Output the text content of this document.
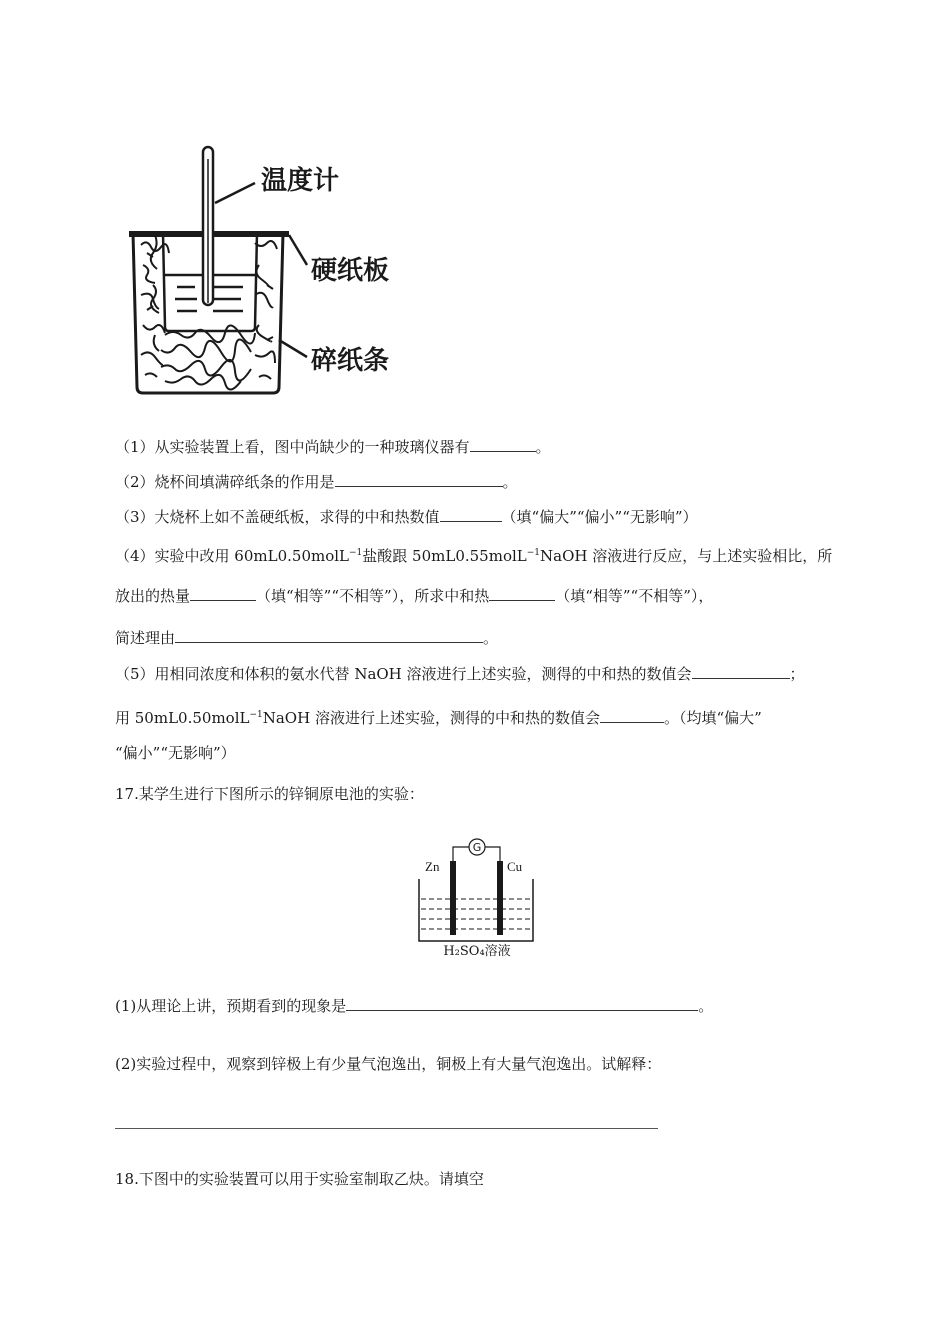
温度计
硬纸板
碎纸条
（1）从实验装置上看，图中尚缺少的一种玻璃仪器有	。
（2）烧杯间填满碎纸条的作用是	。
（3）大烧杯上如不盖硬纸板，求得的中和热数值	（填“偏大”“偏小”“无影响”）
（4）实验中改用 60mL0.50molL$^{-1}$盐酸跟 50mL0.55molL$^{-1}$NaOH 溶液进行反应，与上述实验相比，所
放出的热量	（填“相等”“不相等”），所求中和热	（填“相等”“不相等”），
简述理由	。
（5）用相同浓度和体积的氨水代替 NaOH 溶液进行上述实验，测得的中和热的数值会	；
用 50mL0.50molL$^{-1}$NaOH 溶液进行上述实验，测得的中和热的数值会	。（均填“偏大”
“偏小”“无影响”）
17.某学生进行下图所示的锌铜原电池的实验：
G
Zn	Cu
H₂SO₄溶液
(1)从理论上讲，预期看到的现象是	。
(2)实验过程中，观察到锌极上有少量气泡逸出，铜极上有大量气泡逸出。试解释：
18.下图中的实验装置可以用于实验室制取乙炔。请填空
